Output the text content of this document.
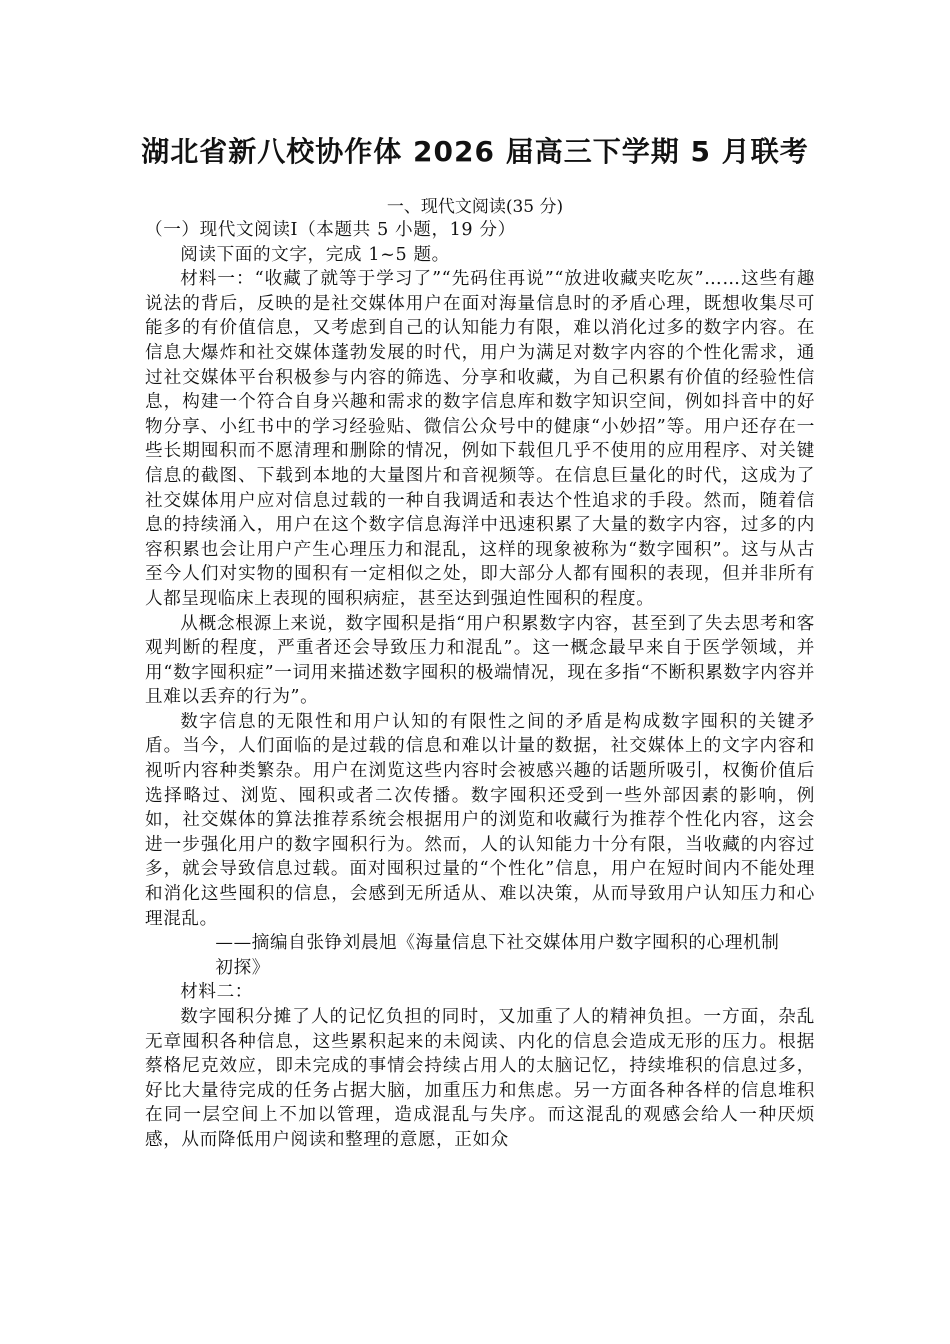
湖北省新八校协作体 2026 届高三下学期 5 月联考
一、现代文阅读(35 分)

（一）现代文阅读Ⅰ（本题共 5 小题，19 分）

阅读下面的文字，完成 1~5 题。

材料一：“收藏了就等于学习了”“先码住再说”“放进收藏夹吃灰”……这些有趣说法的背后，反映的是社交媒体用户在面对海量信息时的矛盾心理，既想收集尽可能多的有价值信息，又考虑到自己的认知能力有限，难以消化过多的数字内容。在信息大爆炸和社交媒体蓬勃发展的时代，用户为满足对数字内容的个性化需求，通过社交媒体平台积极参与内容的筛选、分享和收藏，为自己积累有价值的经验性信息，构建一个符合自身兴趣和需求的数字信息库和数字知识空间，例如抖音中的好物分享、小红书中的学习经验贴、微信公众号中的健康“小妙招”等。用户还存在一些长期囤积而不愿清理和删除的情况，例如下载但几乎不使用的应用程序、对关键信息的截图、下载到本地的大量图片和音视频等。在信息巨量化的时代，这成为了社交媒体用户应对信息过载的一种自我调适和表达个性追求的手段。然而，随着信息的持续涌入，用户在这个数字信息海洋中迅速积累了大量的数字内容，过多的内容积累也会让用户产生心理压力和混乱，这样的现象被称为“数字囤积”。这与从古至今人们对实物的囤积有一定相似之处，即大部分人都有囤积的表现，但并非所有人都呈现临床上表现的囤积病症，甚至达到强迫性囤积的程度。

从概念根源上来说，数字囤积是指“用户积累数字内容，甚至到了失去思考和客观判断的程度，严重者还会导致压力和混乱”。这一概念最早来自于医学领域，并用“数字囤积症”一词用来描述数字囤积的极端情况，现在多指“不断积累数字内容并且难以丢弃的行为”。

数字信息的无限性和用户认知的有限性之间的矛盾是构成数字囤积的关键矛盾。当今，人们面临的是过载的信息和难以计量的数据，社交媒体上的文字内容和视听内容种类繁杂。用户在浏览这些内容时会被感兴趣的话题所吸引，权衡价值后选择略过、浏览、囤积或者二次传播。数字囤积还受到一些外部因素的影响，例如，社交媒体的算法推荐系统会根据用户的浏览和收藏行为推荐个性化内容，这会进一步强化用户的数字囤积行为。然而，人的认知能力十分有限，当收藏的内容过多，就会导致信息过载。面对囤积过量的“个性化”信息，用户在短时间内不能处理和消化这些囤积的信息，会感到无所适从、难以决策，从而导致用户认知压力和心理混乱。

——摘编自张铮刘晨旭《海量信息下社交媒体用户数字囤积的心理机制
初探》

材料二：

数字囤积分摊了人的记忆负担的同时，又加重了人的精神负担。一方面，杂乱无章囤积各种信息，这些累积起来的未阅读、内化的信息会造成无形的压力。根据蔡格尼克效应，即未完成的事情会持续占用人的太脑记忆，持续堆积的信息过多，好比大量待完成的任务占据大脑，加重压力和焦虑。另一方面各种各样的信息堆积在同一层空间上不加以管理，造成混乱与失序。而这混乱的观感会给人一种厌烦感，从而降低用户阅读和整理的意愿，正如众
